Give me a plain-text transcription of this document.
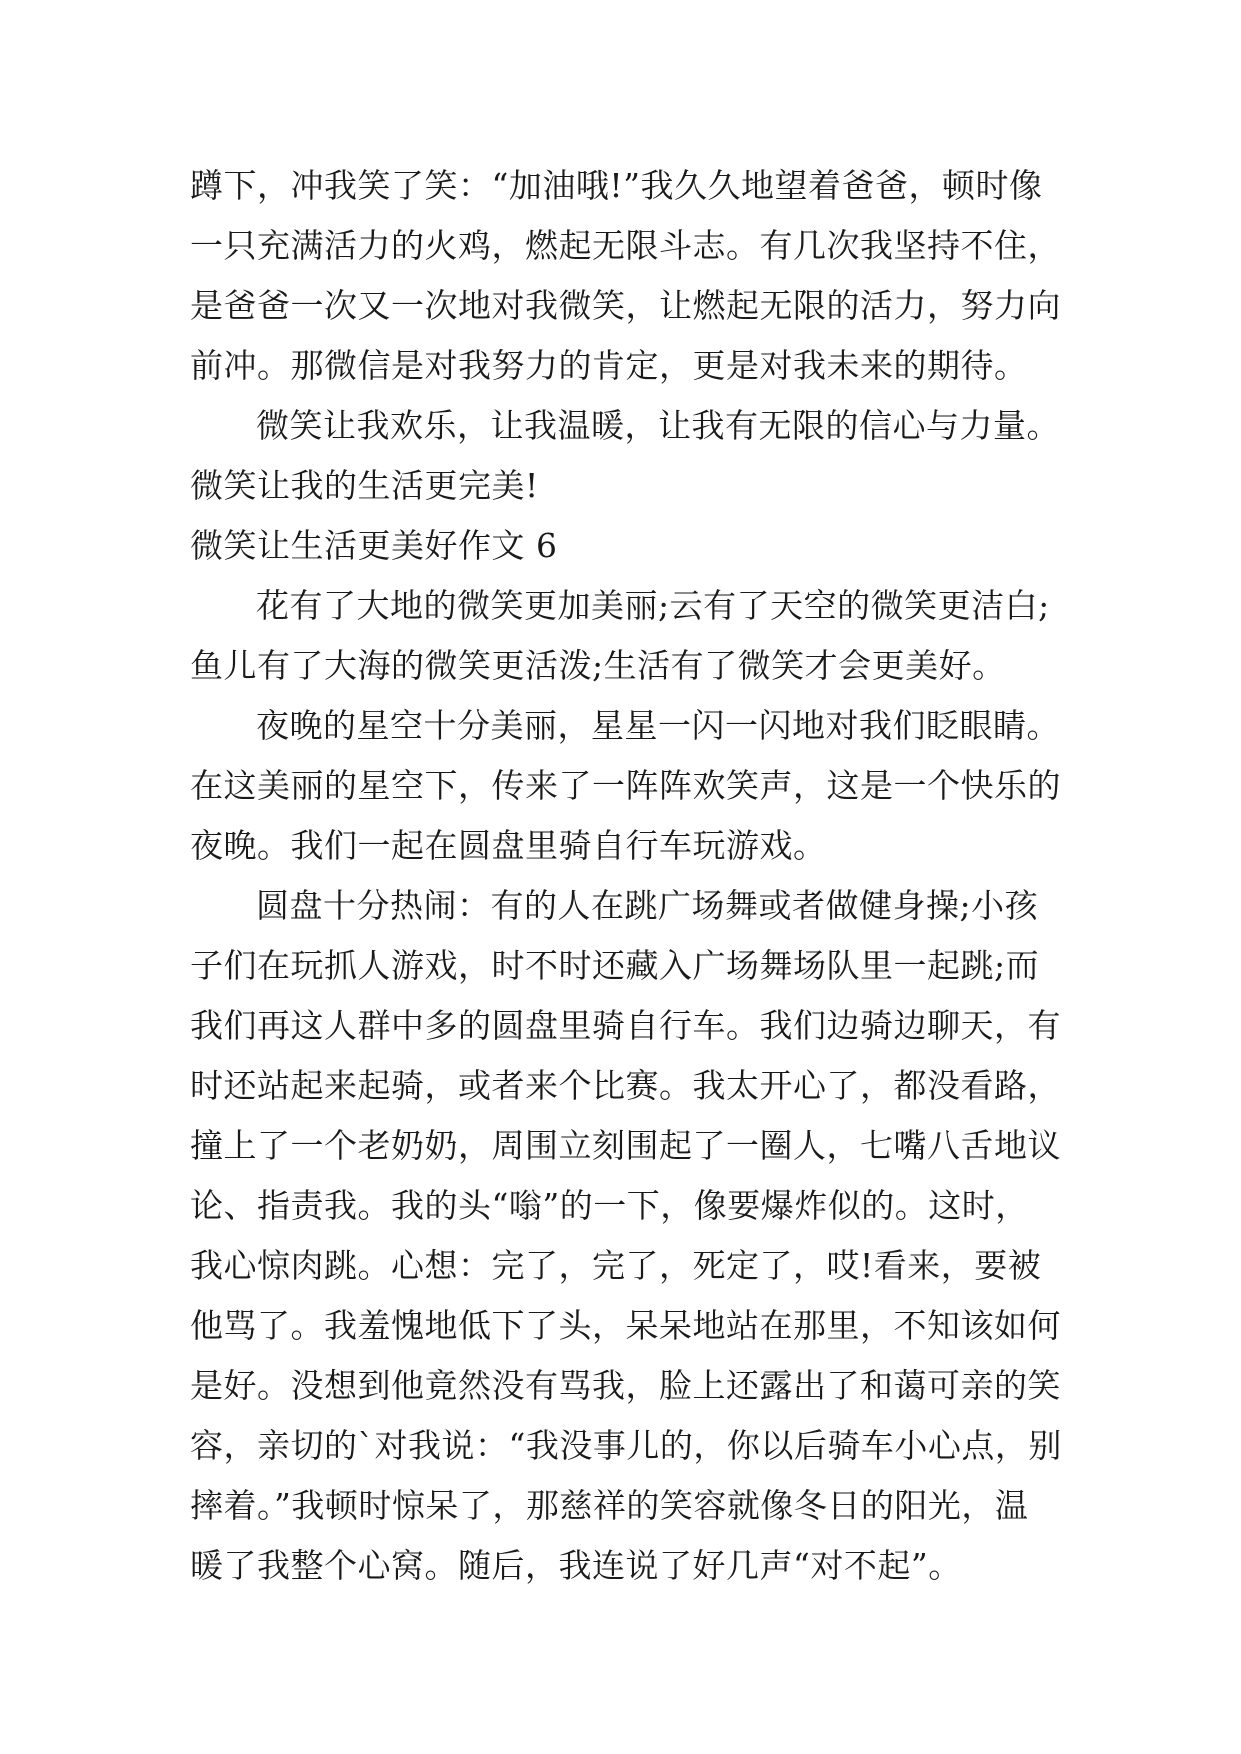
蹲下，冲我笑了笑：“加油哦!”我久久地望着爸爸，顿时像
一只充满活力的火鸡，燃起无限斗志。有几次我坚持不住，
是爸爸一次又一次地对我微笑，让燃起无限的活力，努力向
前冲。那微信是对我努力的肯定，更是对我未来的期待。
微笑让我欢乐，让我温暖，让我有无限的信心与力量。
微笑让我的生活更完美!
微笑让生活更美好作文 6
花有了大地的微笑更加美丽;云有了天空的微笑更洁白;
鱼儿有了大海的微笑更活泼;生活有了微笑才会更美好。
夜晚的星空十分美丽，星星一闪一闪地对我们眨眼睛。
在这美丽的星空下，传来了一阵阵欢笑声，这是一个快乐的
夜晚。我们一起在圆盘里骑自行车玩游戏。
圆盘十分热闹：有的人在跳广场舞或者做健身操;小孩
子们在玩抓人游戏，时不时还藏入广场舞场队里一起跳;而
我们再这人群中多的圆盘里骑自行车。我们边骑边聊天，有
时还站起来起骑，或者来个比赛。我太开心了，都没看路，
撞上了一个老奶奶，周围立刻围起了一圈人，七嘴八舌地议
论、指责我。我的头“嗡”的一下，像要爆炸似的。这时，
我心惊肉跳。心想：完了，完了，死定了，哎!看来，要被
他骂了。我羞愧地低下了头，呆呆地站在那里，不知该如何
是好。没想到他竟然没有骂我，脸上还露出了和蔼可亲的笑
容，亲切的`对我说：“我没事儿的，你以后骑车小心点，别
摔着。”我顿时惊呆了，那慈祥的笑容就像冬日的阳光，温
暖了我整个心窝。随后，我连说了好几声“对不起”。
